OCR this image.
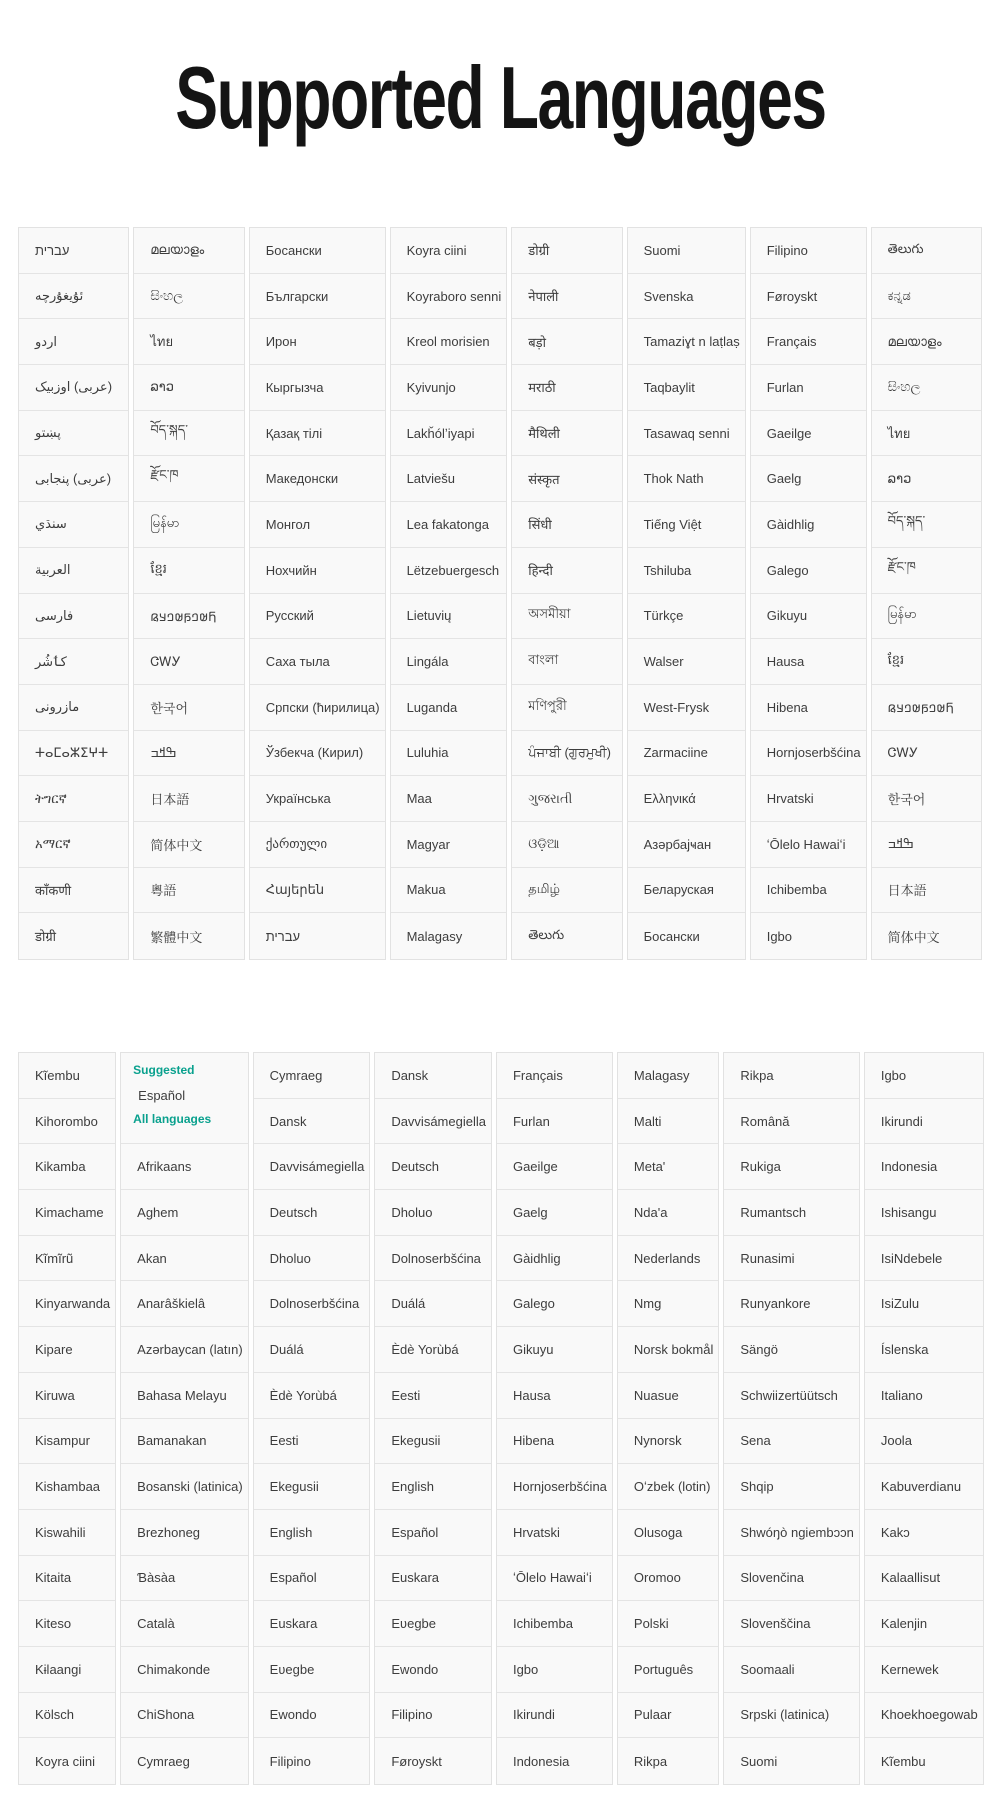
Supported Languages
עברית
ئۇيغۇرچە
اردو
اوزبیک ‎(عربی)
پښتو
پنجابی ‎(عربی)
سنڌي
العربية
فارسی
کٲشُر
مازرونی
ⵜⴰⵎⴰⵣⵉⵖⵜ
ትግርኛ
አማርኛ
कॉंकणी
डोग्री
മലയാളം
සිංහල
ไทย
ລາວ
བོད་སྐད་
རྫོང་ཁ
မြန်မာ
ខ្មែរ
𞤊𞤵𞤤𞤬𞤵𞤤𞤣𞤫
ᏣᎳᎩ
한국어
ߒߞߏ
日本語
简体中文
粵語
繁體中文
Босански
Български
Ирон
Кыргызча
Қазақ тілі
Македонски
Монгол
Нохчийн
Русский
Саха тыла
Српски (ћирилица)
Ўзбекча (Кирил)
Українська
ქართული
Հայերեն
עברית
Koyra ciini
Koyraboro senni
Kreol morisien
Kyivunjo
Lakȟólʼiyapi
Latviešu
Lea fakatonga
Lëtzebuergesch
Lietuvių
Lingála
Luganda
Luluhia
Maa
Magyar
Makua
Malagasy
डोग्री
नेपाली
बड़ो
मराठी
मैथिली
संस्कृत
सिंधी
हिन्दी
অসমীয়া
বাংলা
মণিপুরী
ਪੰਜਾਬੀ (ਗੁਰਮੁਖੀ)
ગુજરાતી
ଓଡ଼ିଆ
தமிழ்
తెలుగు
Suomi
Svenska
Tamaziɣt n laṭlaṣ
Taqbaylit
Tasawaq senni
Thok Nath
Tiếng Việt
Tshiluba
Türkçe
Walser
West-Frysk
Zarmaciine
Ελληνικά
Азәрбајҹан
Беларуская
Босански
Filipino
Føroyskt
Français
Furlan
Gaeilge
Gaelg
Gàidhlig
Galego
Gikuyu
Hausa
Hibena
Hornjoserbšćina
Hrvatski
ʻŌlelo Hawaiʻi
Ichibemba
Igbo
తెలుగు
ಕನ್ನಡ
മലയാളം
සිංහල
ไทย
ລາວ
བོད་སྐད་
རྫོང་ཁ
မြန်မာ
ខ្មែរ
𞤊𞤵𞤤𞤬𞤵𞤤𞤣𞤫
ᏣᎳᎩ
한국어
ߒߞߏ
日本語
简体中文
Kĩembu
Kihorombo
Kikamba
Kimachame
Kĩmĩrũ
Kinyarwanda
Kipare
Kiruwa
Kisampur
Kishambaa
Kiswahili
Kitaita
Kiteso
Kɨlaangi
Kölsch
Koyra ciini
Suggested
Español
All languages
Afrikaans
Aghem
Akan
Anarâškielâ
Azərbaycan (latın)
Bahasa Melayu
Bamanakan
Bosanski (latinica)
Brezhoneg
Ɓàsàa
Català
Chimakonde
ChiShona
Cymraeg
Cymraeg
Dansk
Davvisámegiella
Deutsch
Dholuo
Dolnoserbšćina
Duálá
Èdè Yorùbá
Eesti
Ekegusii
English
Español
Euskara
Eʋegbe
Ewondo
Filipino
Dansk
Davvisámegiella
Deutsch
Dholuo
Dolnoserbšćina
Duálá
Èdè Yorùbá
Eesti
Ekegusii
English
Español
Euskara
Eʋegbe
Ewondo
Filipino
Føroyskt
Français
Furlan
Gaeilge
Gaelg
Gàidhlig
Galego
Gikuyu
Hausa
Hibena
Hornjoserbšćina
Hrvatski
ʻŌlelo Hawaiʻi
Ichibemba
Igbo
Ikirundi
Indonesia
Malagasy
Malti
Meta'
Nda'a
Nederlands
Nmg
Norsk bokmål
Nuasue
Nynorsk
Oʻzbek (lotin)
Olusoga
Oromoo
Polski
Português
Pulaar
Rikpa
Rikpa
Română
Rukiga
Rumantsch
Runasimi
Runyankore
Sängö
Schwiizertüütsch
Sena
Shqip
Shwóŋò ngiembɔɔn
Slovenčina
Slovenščina
Soomaali
Srpski (latinica)
Suomi
Igbo
Ikirundi
Indonesia
Ishisangu
IsiNdebele
IsiZulu
Íslenska
Italiano
Joola
Kabuverdianu
Kakɔ
Kalaallisut
Kalenjin
Kernewek
Khoekhoegowab
Kĩembu
